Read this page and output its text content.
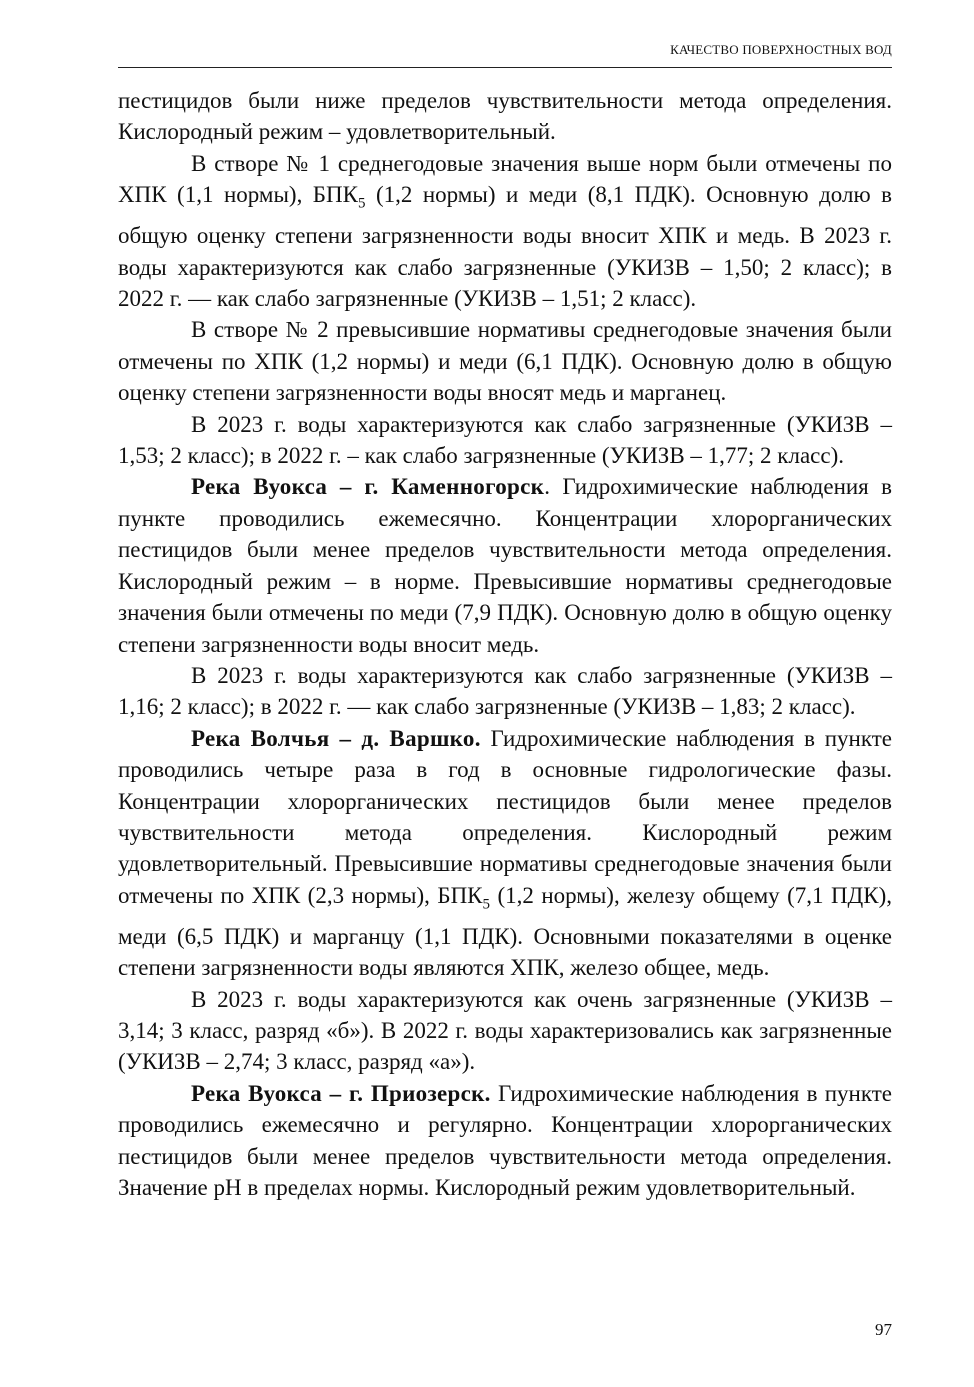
КАЧЕСТВО ПОВЕРХНОСТНЫХ ВОД

пестицидов были ниже пределов чувствительности метода определения. Кислородный режим – удовлетворительный.

В створе № 1 среднегодовые значения выше норм были отмечены по ХПК (1,1 нормы), $БПК_5$ (1,2 нормы) и меди (8,1 ПДК). Основную долю в общую оценку степени загрязненности воды вносит ХПК и медь. В 2023 г. воды характеризуются как слабо загрязненные (УКИЗВ – 1,50; 2 класс); в 2022 г. — как слабо загрязненные (УКИЗВ – 1,51; 2 класс).

В створе № 2 превысившие нормативы среднегодовые значения были отмечены по ХПК (1,2 нормы) и меди (6,1 ПДК). Основную долю в общую оценку степени загрязненности воды вносят медь и марганец.

В 2023 г. воды характеризуются как слабо загрязненные (УКИЗВ – 1,53; 2 класс); в 2022 г. – как слабо загрязненные (УКИЗВ – 1,77; 2 класс).

Река Вуокса – г. Каменногорск. Гидрохимические наблюдения в пункте проводились ежемесячно. Концентрации хлорорганических пестицидов были менее пределов чувствительности метода определения. Кислородный режим – в норме. Превысившие нормативы среднегодовые значения были отмечены по меди (7,9 ПДК). Основную долю в общую оценку степени загрязненности воды вносит медь.

В 2023 г. воды характеризуются как слабо загрязненные (УКИЗВ – 1,16; 2 класс); в 2022 г. — как слабо загрязненные (УКИЗВ – 1,83; 2 класс).

Река Волчья – д. Варшко. Гидрохимические наблюдения в пункте проводились четыре раза в год в основные гидрологические фазы. Концентрации хлорорганических пестицидов были менее пределов чувствительности метода определения. Кислородный режим удовлетворительный. Превысившие нормативы среднегодовые значения были отмечены по ХПК (2,3 нормы), $БПК_5$ (1,2 нормы), железу общему (7,1 ПДК), меди (6,5 ПДК) и марганцу (1,1 ПДК). Основными показателями в оценке степени загрязненности воды являются ХПК, железо общее, медь.

В 2023 г. воды характеризуются как очень загрязненные (УКИЗВ – 3,14; 3 класс, разряд «б»). В 2022 г. воды характеризовались как загрязненные (УКИЗВ – 2,74; 3 класс, разряд «а»).

Река Вуокса – г. Приозерск. Гидрохимические наблюдения в пункте проводились ежемесячно и регулярно. Концентрации хлорорганических пестицидов были менее пределов чувствительности метода определения. Значение рН в пределах нормы. Кислородный режим удовлетворительный.

97
